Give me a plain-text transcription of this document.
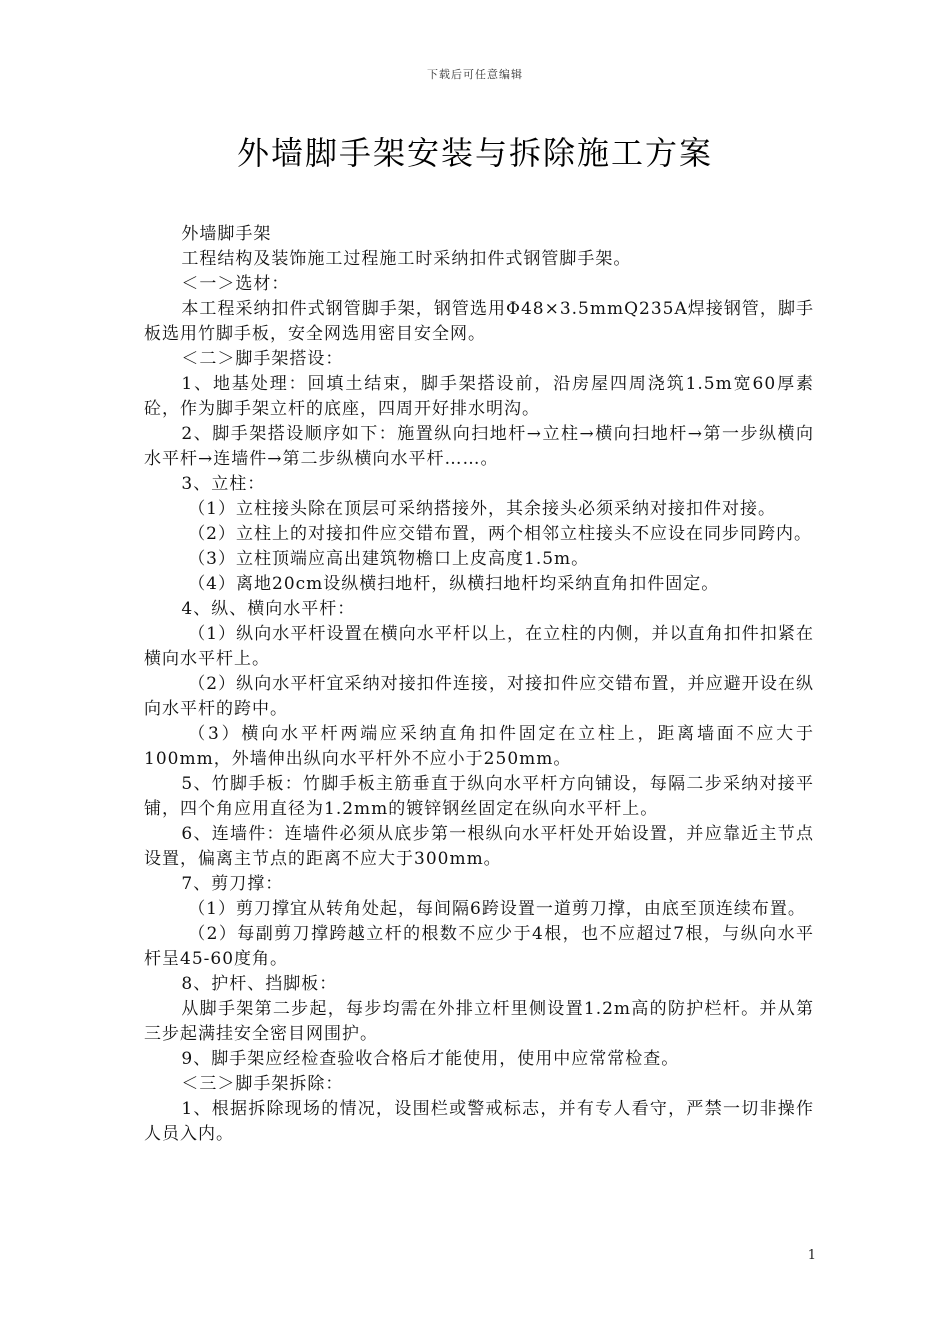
下载后可任意编辑
外墙脚手架安装与拆除施工方案

外墙脚手架

工程结构及装饰施工过程施工时采纳扣件式钢管脚手架。

＜一＞选材：

本工程采纳扣件式钢管脚手架，钢管选用Φ48×3.5mmQ235A焊接钢管，脚手板选用竹脚手板，安全网选用密目安全网。

＜二＞脚手架搭设：

1、地基处理：回填土结束，脚手架搭设前，沿房屋四周浇筑1.5m宽60厚素砼，作为脚手架立杆的底座，四周开好排水明沟。

2、脚手架搭设顺序如下：施置纵向扫地杆→立柱→横向扫地杆→第一步纵横向水平杆→连墙件→第二步纵横向水平杆……。

3、立柱：

（1）立柱接头除在顶层可采纳搭接外，其余接头必须采纳对接扣件对接。

（2）立柱上的对接扣件应交错布置，两个相邻立柱接头不应设在同步同跨内。

（3）立柱顶端应高出建筑物檐口上皮高度1.5m。

（4）离地20cm设纵横扫地杆，纵横扫地杆均采纳直角扣件固定。

4、纵、横向水平杆：

（1）纵向水平杆设置在横向水平杆以上，在立柱的内侧，并以直角扣件扣紧在横向水平杆上。

（2）纵向水平杆宜采纳对接扣件连接，对接扣件应交错布置，并应避开设在纵向水平杆的跨中。

（3）横向水平杆两端应采纳直角扣件固定在立柱上，距离墙面不应大于100mm，外墙伸出纵向水平杆外不应小于250mm。

5、竹脚手板：竹脚手板主筋垂直于纵向水平杆方向铺设，每隔二步采纳对接平铺，四个角应用直径为1.2mm的镀锌钢丝固定在纵向水平杆上。

6、连墙件：连墙件必须从底步第一根纵向水平杆处开始设置，并应靠近主节点设置，偏离主节点的距离不应大于300mm。

7、剪刀撑：

（1）剪刀撑宜从转角处起，每间隔6跨设置一道剪刀撑，由底至顶连续布置。

（2）每副剪刀撑跨越立杆的根数不应少于4根，也不应超过7根，与纵向水平杆呈45-60度角。

8、护杆、挡脚板：

从脚手架第二步起，每步均需在外排立杆里侧设置1.2m高的防护栏杆。并从第三步起满挂安全密目网围护。

9、脚手架应经检查验收合格后才能使用，使用中应常常检查。

＜三＞脚手架拆除：

1、根据拆除现场的情况，设围栏或警戒标志，并有专人看守，严禁一切非操作人员入内。

1
